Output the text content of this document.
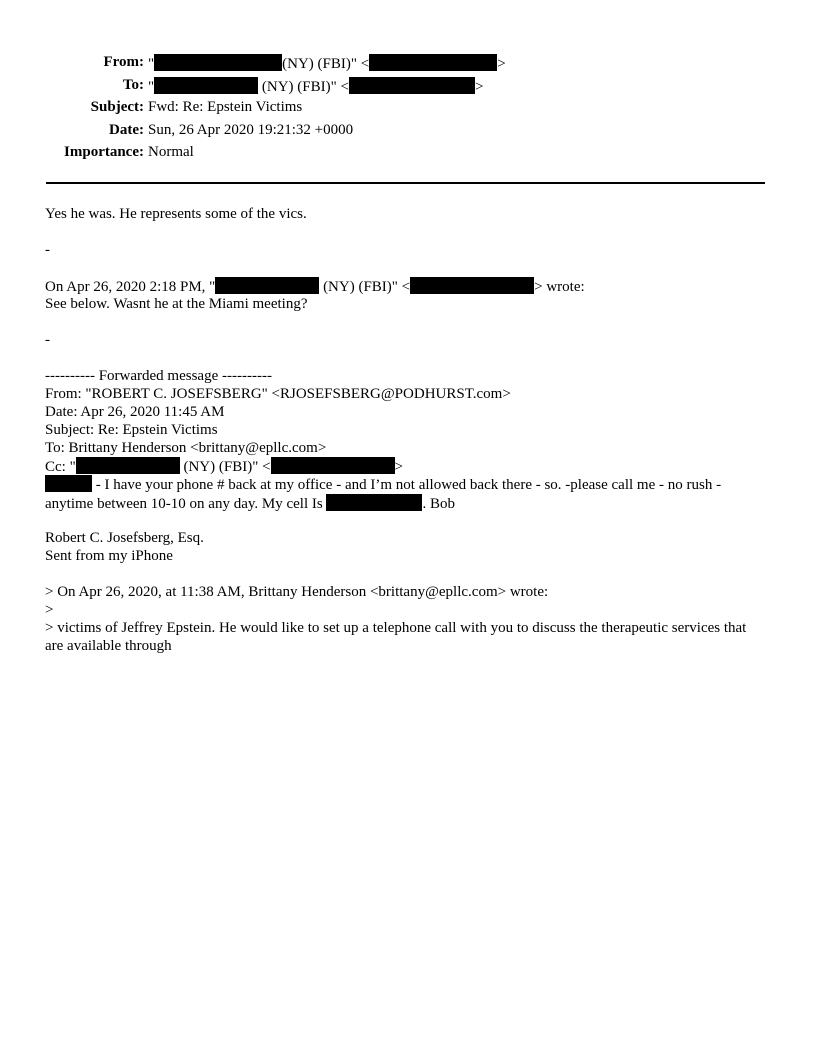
From: "	(NY) (FBI)" <	>
To: "	(NY) (FBI)" <	>
Subject: Fwd: Re: Epstein Victims
Date: Sun, 26 Apr 2020 19:21:32 +0000
Importance: Normal
Yes he was. He represents some of the vics.
-
On Apr 26, 2020 2:18 PM, "	(NY) (FBI)" <	> wrote:
See below. Wasnt he at the Miami meeting?
-
---------- Forwarded message ----------
From: "ROBERT C. JOSEFSBERG" <RJOSEFSBERG@PODHURST.com>
Date: Apr 26, 2020 11:45 AM
Subject: Re: Epstein Victims
To: Brittany Henderson <brittany@epllc.com>
Cc: "	(NY) (FBI)" <	>
- I have your phone # back at my office - and I’m not allowed back there - so. -please call me - no rush - anytime between 10-10 on any day. My cell Is	. Bob
Robert C. Josefsberg, Esq.
Sent from my iPhone
> On Apr 26, 2020, at 11:38 AM, Brittany Henderson <brittany@epllc.com> wrote:
>
> victims of Jeffrey Epstein. He would like to set up a telephone call with you to discuss the therapeutic services that are available through
